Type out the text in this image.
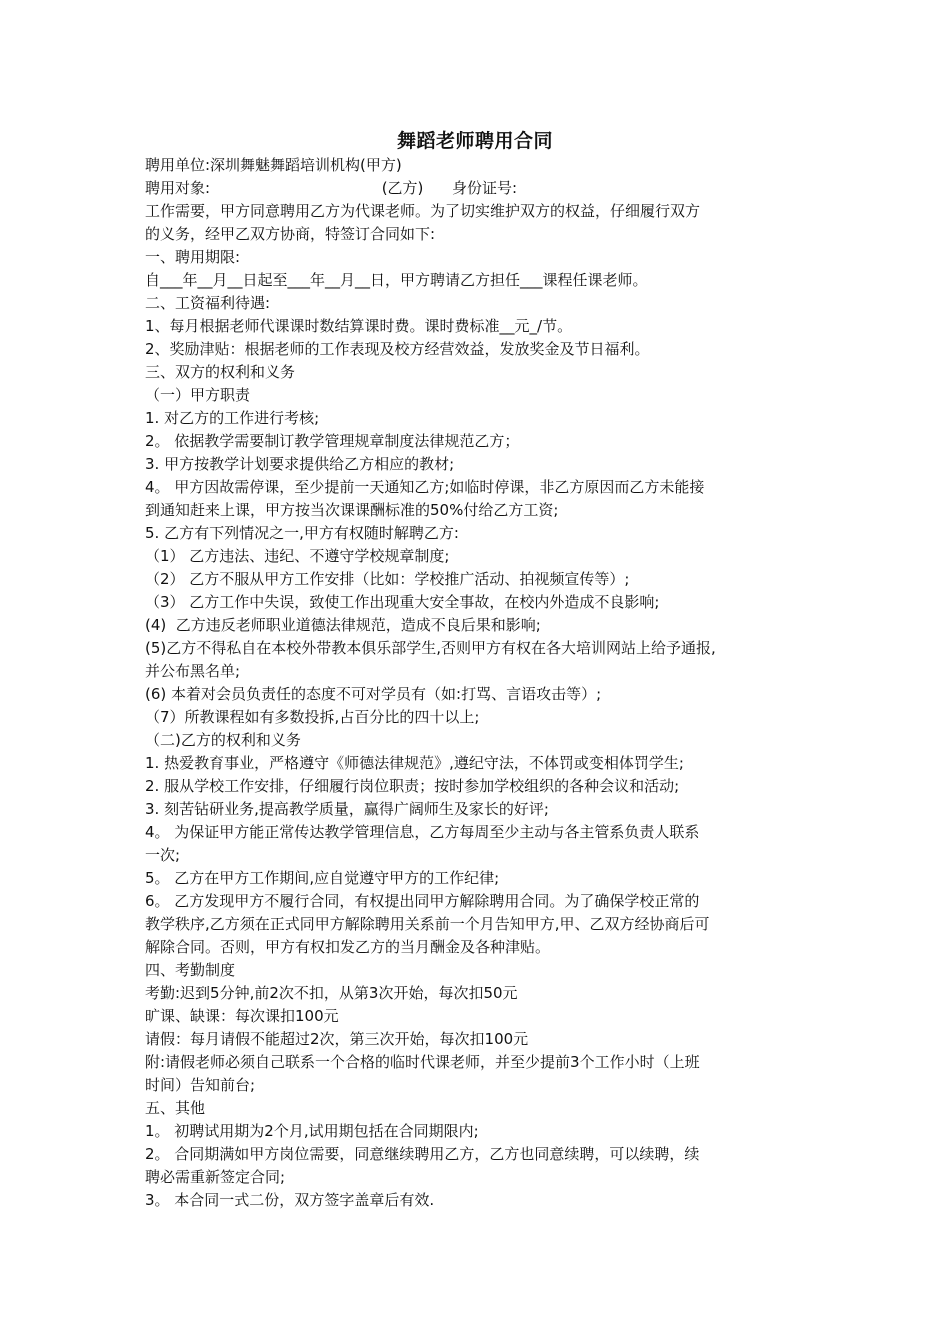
舞蹈老师聘用合同
聘用单位:深圳舞魅舞蹈培训机构(甲方)
聘用对象:                                    (乙方)      身份证号:
工作需要，甲方同意聘用乙方为代课老师。为了切实维护双方的权益，仔细履行双方
的义务，经甲乙双方协商，特签订合同如下:
一、聘用期限:
自___年__月__日起至___年__月__日，甲方聘请乙方担任___课程任课老师。
二、工资福利待遇:
1、每月根据老师代课课时数结算课时费。课时费标准__元_/节。
2、奖励津贴：根据老师的工作表现及校方经营效益，发放奖金及节日福利。
三、双方的权利和义务
（一）甲方职责
1. 对乙方的工作进行考核;
2。 依据教学需要制订教学管理规章制度法律规范乙方；
3. 甲方按教学计划要求提供给乙方相应的教材;
4。 甲方因故需停课，至少提前一天通知乙方;如临时停课，非乙方原因而乙方未能接
到通知赶来上课，甲方按当次课课酬标准的50%付给乙方工资;
5. 乙方有下列情况之一,甲方有权随时解聘乙方:
（1） 乙方违法、违纪、不遵守学校规章制度;
（2） 乙方不服从甲方工作安排（比如：学校推广活动、拍视频宣传等）;
（3） 乙方工作中失误，致使工作出现重大安全事故，在校内外造成不良影响;
(4)  乙方违反老师职业道德法律规范，造成不良后果和影响;
(5)乙方不得私自在本校外带教本俱乐部学生,否则甲方有权在各大培训网站上给予通报,
并公布黑名单;
(6) 本着对会员负责任的态度不可对学员有（如:打骂、言语攻击等）;
（7）所教课程如有多数投拆,占百分比的四十以上;
（二)乙方的权利和义务
1. 热爱教育事业，严格遵守《师德法律规范》,遵纪守法，不体罚或变相体罚学生;
2. 服从学校工作安排，仔细履行岗位职责；按时参加学校组织的各种会议和活动;
3. 刻苦钻研业务,提高教学质量，赢得广阔师生及家长的好评;
4。 为保证甲方能正常传达教学管理信息，乙方每周至少主动与各主管系负责人联系
一次;
5。 乙方在甲方工作期间,应自觉遵守甲方的工作纪律;
6。 乙方发现甲方不履行合同，有权提出同甲方解除聘用合同。为了确保学校正常的
教学秩序,乙方须在正式同甲方解除聘用关系前一个月告知甲方,甲、乙双方经协商后可
解除合同。否则，甲方有权扣发乙方的当月酬金及各种津贴。
四、考勤制度
考勤:迟到5分钟,前2次不扣，从第3次开始，每次扣50元
旷课、缺课：每次课扣100元
请假：每月请假不能超过2次，第三次开始，每次扣100元
附:请假老师必须自己联系一个合格的临时代课老师，并至少提前3个工作小时（上班
时间）告知前台;
五、其他
1。 初聘试用期为2个月,试用期包括在合同期限内;
2。 合同期满如甲方岗位需要，同意继续聘用乙方，乙方也同意续聘，可以续聘，续
聘必需重新签定合同;
3。 本合同一式二份，双方签字盖章后有效.
